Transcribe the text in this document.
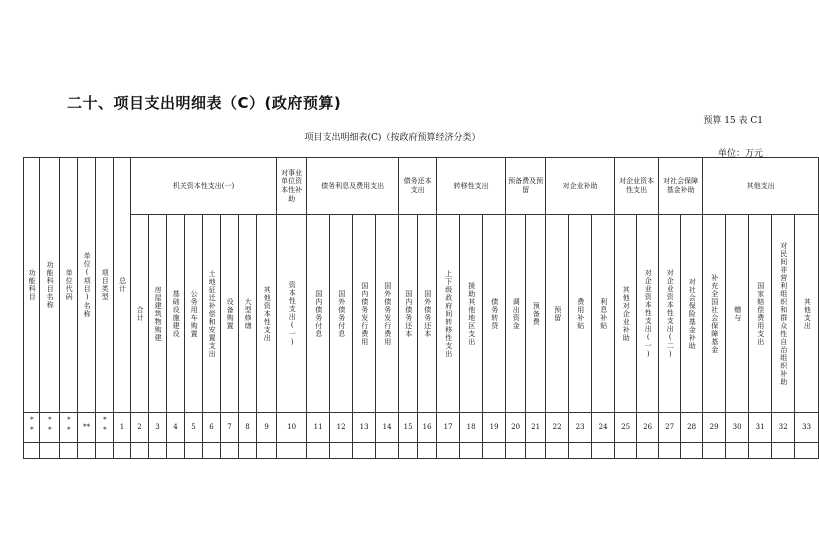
二十、项目支出明细表（C）(政府预算)
预算 15 表 C1
项目支出明细表(C)（按政府预算经济分类）
单位：万元
功能科目	功能科目名称	单位代码	单位(项目)名称	项目类型	总计	机关资本性支出(一)								对事业单位资本性补助	债务利息及费用支出				债务还本支出		转移性支出			预备费及预留		对企业补助			对企业资本性支出		对社会保障基金补助		其他支出				
						合计	房屋建筑物购建	基础设施建设	公务用车购置	土地征迁补偿和安置支出	设备购置	大型修缮	其他资本性支出	资本性支出(一)	国内债务付息	国外债务付息	国内债务发行费用	国外债务发行费用	国内债务还本	国外债务还本	上下级政府间转移性支出	援助其他地区支出	债务转贷	调出资金	预备费	预留	费用补贴	利息补贴	其他对企业补助	对企业资本性支出(一)	对企业资本性支出(二)	对社会保险基金补助	补充全国社会保障基金	赠与	国家赔偿费用支出	对民间非营利组织和群众性自治组织补助	其他支出
**	**	**	**	**	1	2	3	4	5	6	7	8	9	10	11	12	13	14	15	16	17	18	19	20	21	22	23	24	25	26	27	28	29	30	31	32	33
